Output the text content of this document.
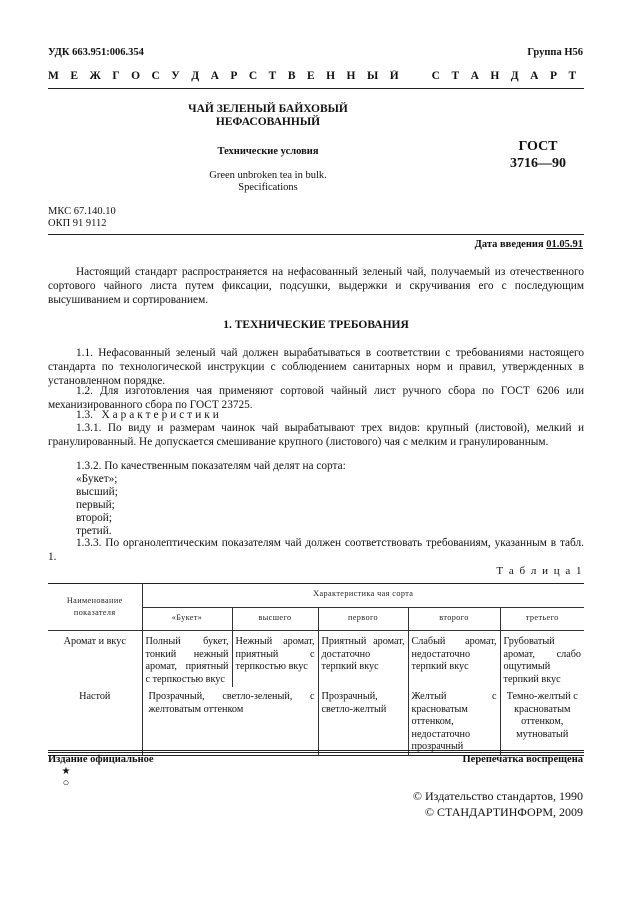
УДК 663.951:006.354	Группа Н56
М Е Ж Г О С У Д А Р С Т В Е Н Н Ы Й    С Т А Н Д А Р Т
ЧАЙ ЗЕЛЕНЫЙ БАЙХОВЫЙ
НЕФАСОВАННЫЙ
Технические условия
Green unbroken tea in bulk.
Specifications
ГОСТ
3716—90
МКС 67.140.10
ОКП 91 9112
Дата введения 01.05.91
Настоящий стандарт распространяется на нефасованный зеленый чай, получаемый из отечественного сортового чайного листа путем фиксации, подсушки, выдержки и скручивания его с последующим высушиванием и сортированием.
1. ТЕХНИЧЕСКИЕ ТРЕБОВАНИЯ
1.1. Нефасованный зеленый чай должен вырабатываться в соответствии с требованиями настоящего стандарта по технологической инструкции с соблюдением санитарных норм и правил, утвержденных в установленном порядке.
1.2. Для изготовления чая применяют сортовой чайный лист ручного сбора по ГОСТ 6206 или механизированного сбора по ГОСТ 23725.
1.3. Характеристики
1.3.1. По виду и размерам чаинок чай вырабатывают трех видов: крупный (листовой), мелкий и гранулированный. Не допускается смешивание крупного (листового) чая с мелким и гранулированным.
1.3.2. По качественным показателям чай делят на сорта:
«Букет»;
высший;
первый;
второй;
третий.
1.3.3. По органолептическим показателям чай должен соответствовать требованиям, указанным в табл. 1.
Т а б л и ц а 1
Наименование показателя	Характеристика чая сорта				
	«Букет»	высшего	первого	второго	третьего
Аромат и вкус	Полный букет, тонкий нежный аромат, приятный с терпкостью вкус	Нежный аромат, приятный с терпкостью вкус	Приятный аромат, достаточно терпкий вкус	Слабый аромат, недостаточно терпкий вкус	Грубоватый аромат, слабо ощутимый терпкий вкус
Настой	Прозрачный, светло-зеленый, с желтоватым оттенком		Прозрачный, светло-желтый	Желтый с красноватым оттенком, недостаточно прозрачный	Темно-желтый с красноватым оттенком, мутноватый
Издание официальное	Перепечатка воспрещена
★
○
© Издательство стандартов, 1990
© СТАНДАРТИНФОРМ, 2009
